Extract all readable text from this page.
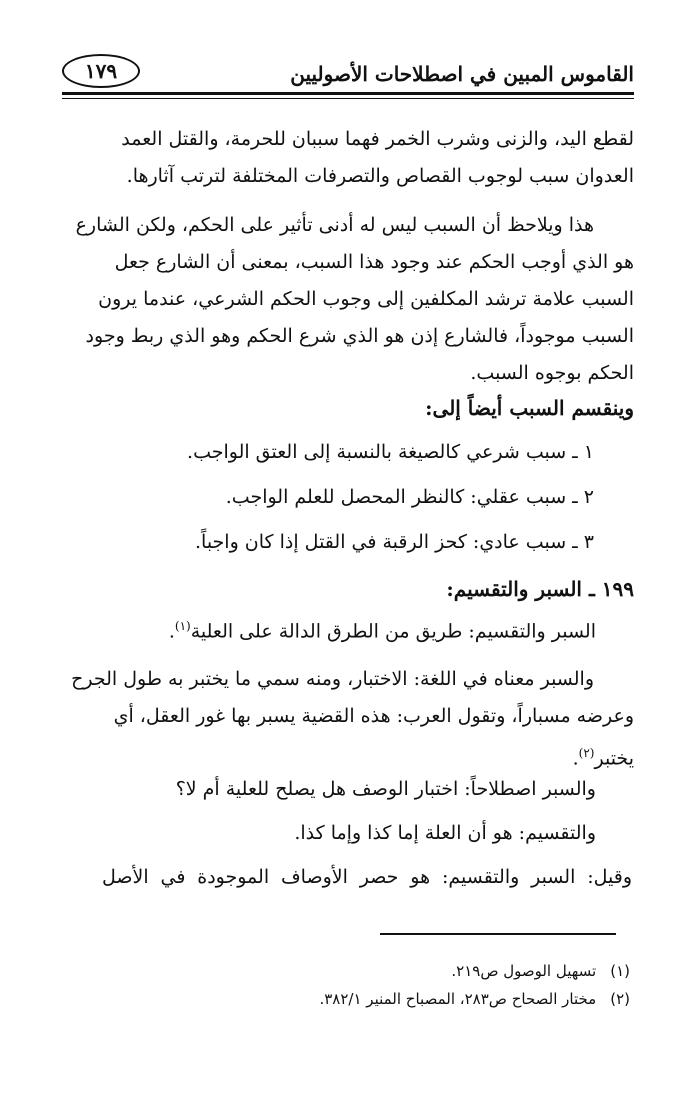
القاموس المبين في اصطلاحات الأصوليين
١٧٩
لقطع اليد، والزنى وشرب الخمر فهما سببان للحرمة، والقتل العمد
العدوان سبب لوجوب القصاص والتصرفات المختلفة لترتب آثارها.
هذا ويلاحظ أن السبب ليس له أدنى تأثير على الحكم، ولكن الشارع
هو الذي أوجب الحكم عند وجود هذا السبب، بمعنى أن الشارع جعل
السبب علامة ترشد المكلفين إلى وجوب الحكم الشرعي، عندما يرون
السبب موجوداً، فالشارع إذن هو الذي شرع الحكم وهو الذي ربط وجود
الحكم بوجوه السبب.
وينقسم السبب أيضاً إلى:
١ ـ سبب شرعي كالصيغة بالنسبة إلى العتق الواجب.
٢ ـ سبب عقلي: كالنظر المحصل للعلم الواجب.
٣ ـ سبب عادي: كحز الرقبة في القتل إذا كان واجباً.
١٩٩ ـ السبر والتقسيم:
السبر والتقسيم: طريق من الطرق الدالة على العلية$^{(١)}$.
والسبر معناه في اللغة: الاختبار، ومنه سمي ما يختبر به طول الجرح
وعرضه مسباراً، وتقول العرب: هذه القضية يسبر بها غور العقل، أي
يختبر$^{(٢)}$.
والسبر اصطلاحاً: اختبار الوصف هل يصلح للعلية أم لا؟
والتقسيم: هو أن العلة إما كذا وإما كذا.
وقيل: السبر والتقسيم: هو حصر الأوصاف الموجودة في الأصل
(١)
تسهيل الوصول ص٢١٩.
(٢)
مختار الصحاح ص٢٨٣، المصباح المنير ٣٨٢/١.
